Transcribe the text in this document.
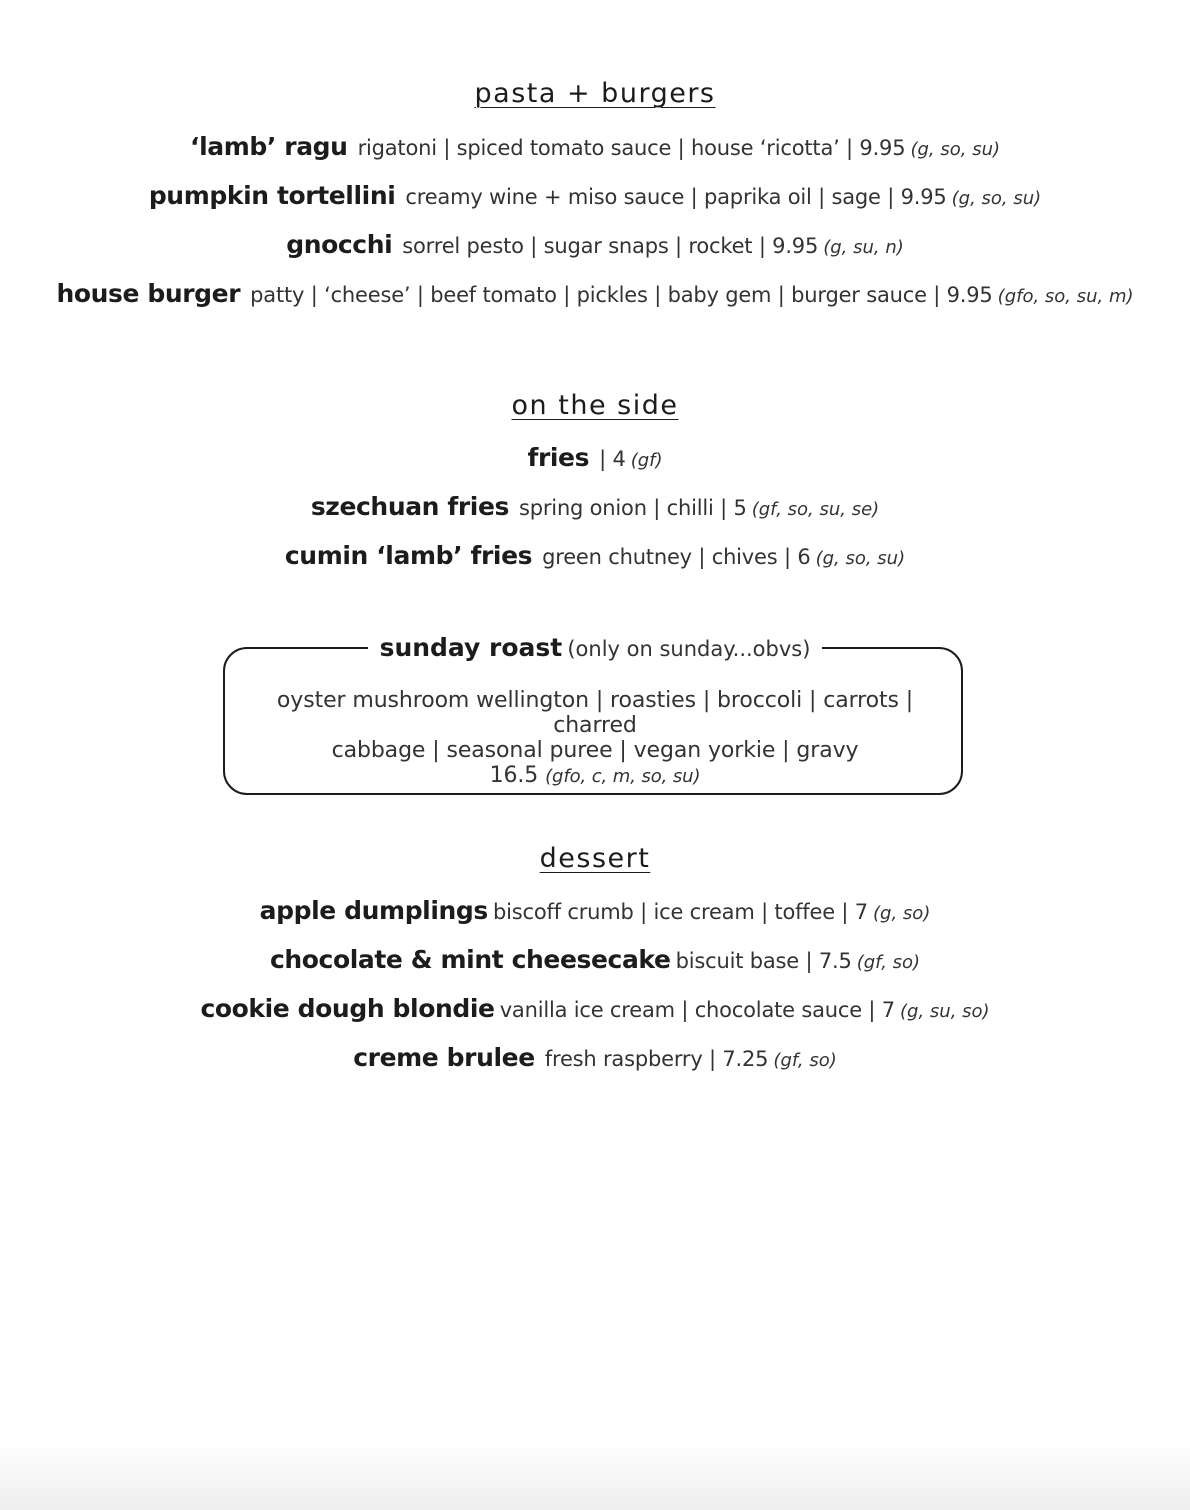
pasta + burgers
‘lamb’ ragu rigatoni | spiced tomato sauce | house ‘ricotta’ | 9.95 (g, so, su)
pumpkin tortellini creamy wine + miso sauce | paprika oil | sage | 9.95 (g, so, su)
gnocchi sorrel pesto | sugar snaps | rocket | 9.95 (g, su, n)
house burger patty | ‘cheese’ | beef tomato | pickles | baby gem | burger sauce | 9.95 (gfo, so, su, m)
on the side
fries | 4 (gf)
szechuan fries spring onion | chilli | 5 (gf, so, su, se)
cumin ‘lamb’ fries green chutney | chives | 6 (g, so, su)
sunday roast (only on sunday...obvs)
oyster mushroom wellington | roasties | broccoli | carrots | charred
cabbage | seasonal puree | vegan yorkie | gravy
16.5 (gfo, c, m, so, su)
dessert
apple dumplings biscoff crumb | ice cream | toffee | 7 (g, so)
chocolate & mint cheesecake biscuit base | 7.5 (gf, so)
cookie dough blondie vanilla ice cream | chocolate sauce | 7 (g, su, so)
creme brulee fresh raspberry | 7.25 (gf, so)
